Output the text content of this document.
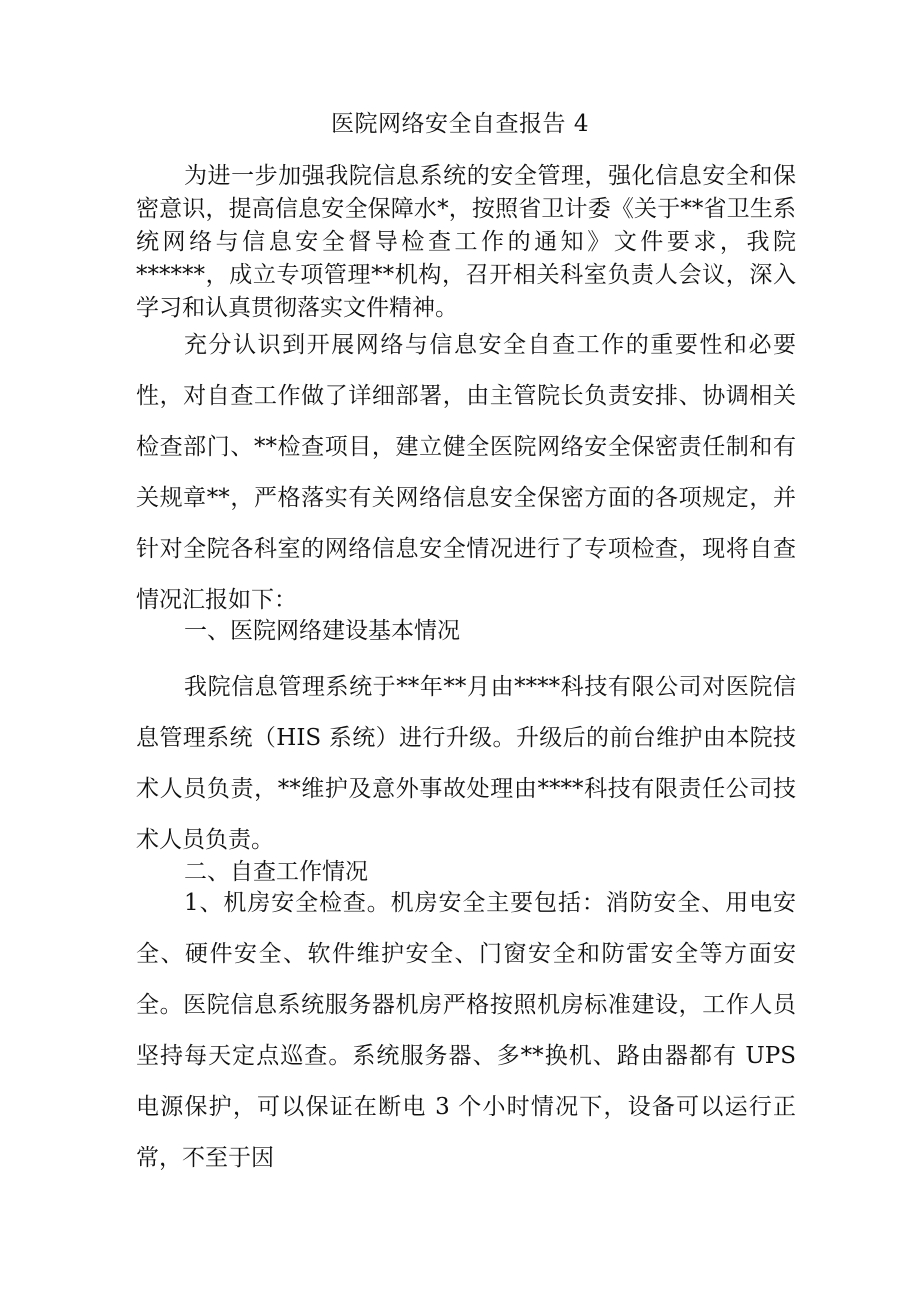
医院网络安全自查报告 4

为进一步加强我院信息系统的安全管理，强化信息安全和保密意识，提高信息安全保障水*，按照省卫计委《关于**省卫生系统网络与信息安全督导检查工作的通知》文件要求，我院******，成立专项管理**机构，召开相关科室负责人会议，深入学习和认真贯彻落实文件精神。

充分认识到开展网络与信息安全自查工作的重要性和必要性，对自查工作做了详细部署，由主管院长负责安排、协调相关检查部门、**检查项目，建立健全医院网络安全保密责任制和有关规章**，严格落实有关网络信息安全保密方面的各项规定，并针对全院各科室的网络信息安全情况进行了专项检查，现将自查情况汇报如下：

一、医院网络建设基本情况

我院信息管理系统于**年**月由****科技有限公司对医院信息管理系统（HIS 系统）进行升级。升级后的前台维护由本院技术人员负责，**维护及意外事故处理由****科技有限责任公司技术人员负责。

二、自查工作情况

1、机房安全检查。机房安全主要包括：消防安全、用电安全、硬件安全、软件维护安全、门窗安全和防雷安全等方面安全。医院信息系统服务器机房严格按照机房标准建设，工作人员坚持每天定点巡查。系统服务器、多**换机、路由器都有 UPS 电源保护，可以保证在断电 3 个小时情况下，设备可以运行正常，不至于因
